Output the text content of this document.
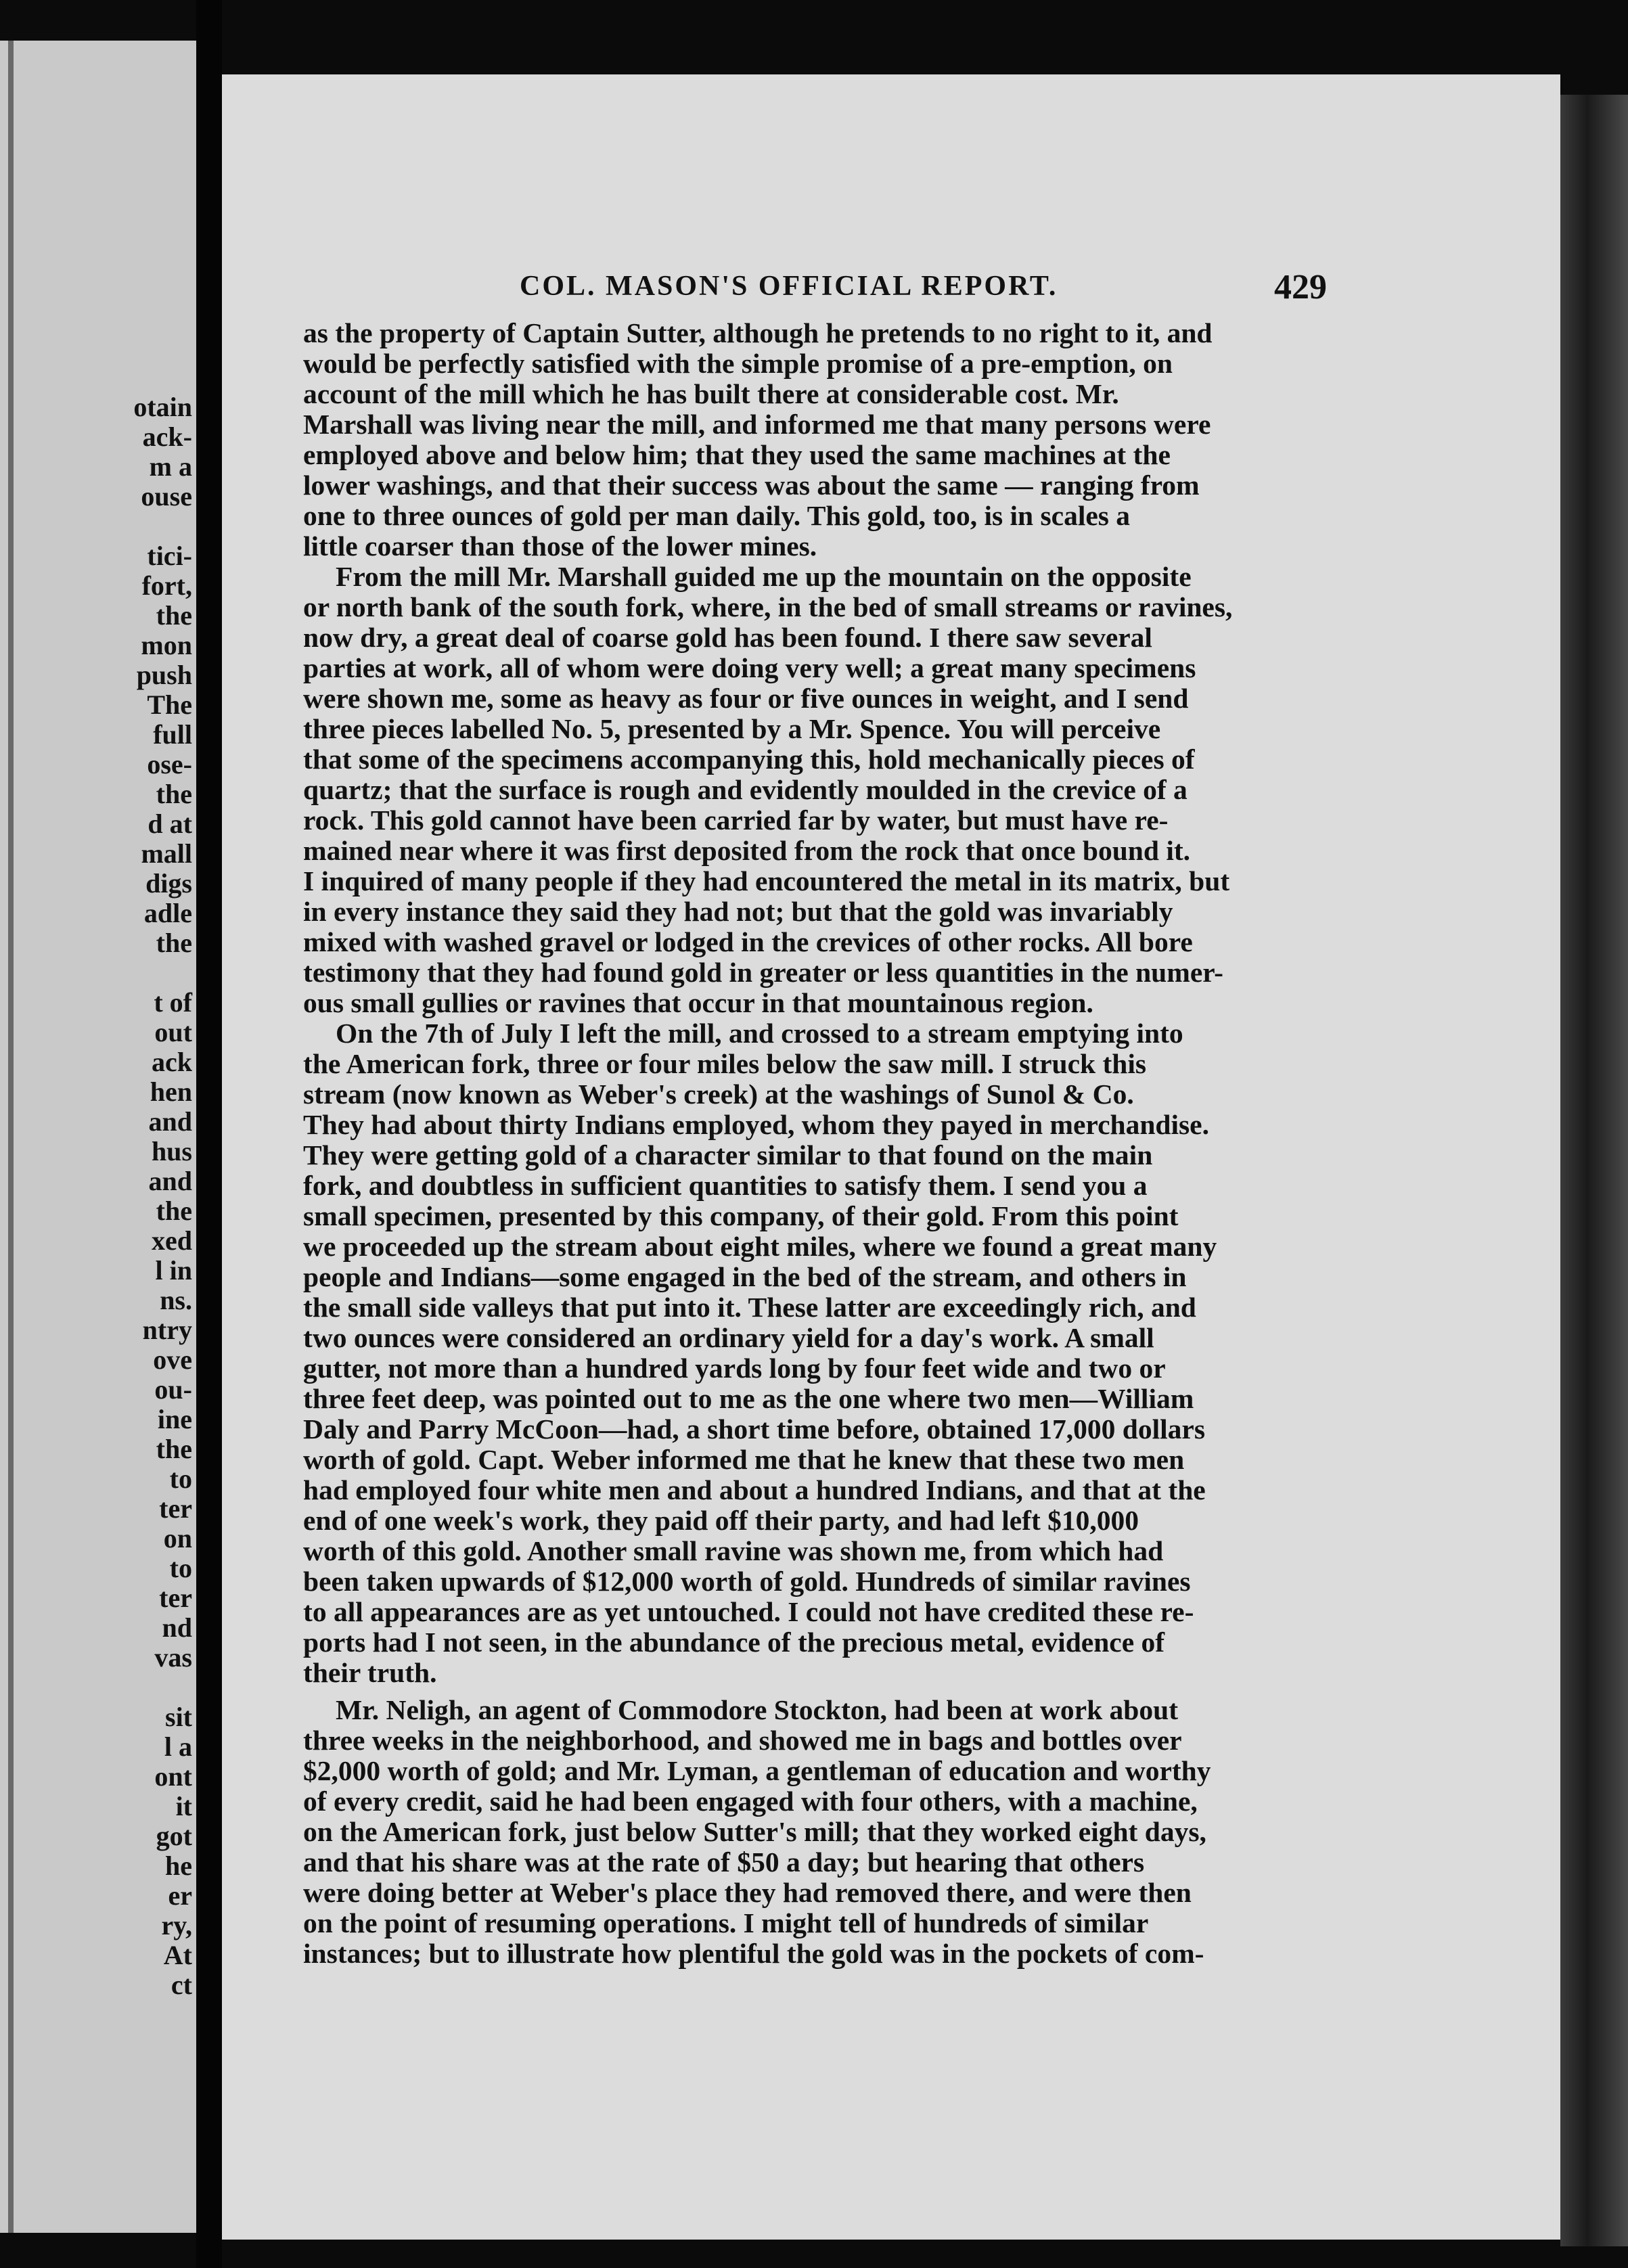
otain
ack-
m a
ouse
tici-
fort,
the
mon
push
The
full
ose-
the
d at
mall
digs
adle
the
t of
out
ack
hen
and
hus
and
the
xed
l in
ns.
ntry
ove
ou-
ine
the
to
ter
on
to
ter
nd
vas
sit
l a
ont
it
got
he
er
ry,
At
ct
COL. MASON'S OFFICIAL REPORT.	429
as the property of Captain Sutter, although he pretends to no right to it, and
would be perfectly satisfied with the simple promise of a pre-emption, on
account of the mill which he has built there at considerable cost. Mr.
Marshall was living near the mill, and informed me that many persons were
employed above and below him; that they used the same machines at the
lower washings, and that their success was about the same — ranging from
one to three ounces of gold per man daily. This gold, too, is in scales a
little coarser than those of the lower mines.
From the mill Mr. Marshall guided me up the mountain on the opposite
or north bank of the south fork, where, in the bed of small streams or ravines,
now dry, a great deal of coarse gold has been found. I there saw several
parties at work, all of whom were doing very well; a great many specimens
were shown me, some as heavy as four or five ounces in weight, and I send
three pieces labelled No. 5, presented by a Mr. Spence. You will perceive
that some of the specimens accompanying this, hold mechanically pieces of
quartz; that the surface is rough and evidently moulded in the crevice of a
rock. This gold cannot have been carried far by water, but must have re-
mained near where it was first deposited from the rock that once bound it.
I inquired of many people if they had encountered the metal in its matrix, but
in every instance they said they had not; but that the gold was invariably
mixed with washed gravel or lodged in the crevices of other rocks. All bore
testimony that they had found gold in greater or less quantities in the numer-
ous small gullies or ravines that occur in that mountainous region.
On the 7th of July I left the mill, and crossed to a stream emptying into
the American fork, three or four miles below the saw mill. I struck this
stream (now known as Weber's creek) at the washings of Sunol & Co.
They had about thirty Indians employed, whom they payed in merchandise.
They were getting gold of a character similar to that found on the main
fork, and doubtless in sufficient quantities to satisfy them. I send you a
small specimen, presented by this company, of their gold. From this point
we proceeded up the stream about eight miles, where we found a great many
people and Indians—some engaged in the bed of the stream, and others in
the small side valleys that put into it. These latter are exceedingly rich, and
two ounces were considered an ordinary yield for a day's work. A small
gutter, not more than a hundred yards long by four feet wide and two or
three feet deep, was pointed out to me as the one where two men—William
Daly and Parry McCoon—had, a short time before, obtained 17,000 dollars
worth of gold. Capt. Weber informed me that he knew that these two men
had employed four white men and about a hundred Indians, and that at the
end of one week's work, they paid off their party, and had left $10,000
worth of this gold. Another small ravine was shown me, from which had
been taken upwards of $12,000 worth of gold. Hundreds of similar ravines
to all appearances are as yet untouched. I could not have credited these re-
ports had I not seen, in the abundance of the precious metal, evidence of
their truth.
Mr. Neligh, an agent of Commodore Stockton, had been at work about
three weeks in the neighborhood, and showed me in bags and bottles over
$2,000 worth of gold; and Mr. Lyman, a gentleman of education and worthy
of every credit, said he had been engaged with four others, with a machine,
on the American fork, just below Sutter's mill; that they worked eight days,
and that his share was at the rate of $50 a day; but hearing that others
were doing better at Weber's place they had removed there, and were then
on the point of resuming operations. I might tell of hundreds of similar
instances; but to illustrate how plentiful the gold was in the pockets of com-
